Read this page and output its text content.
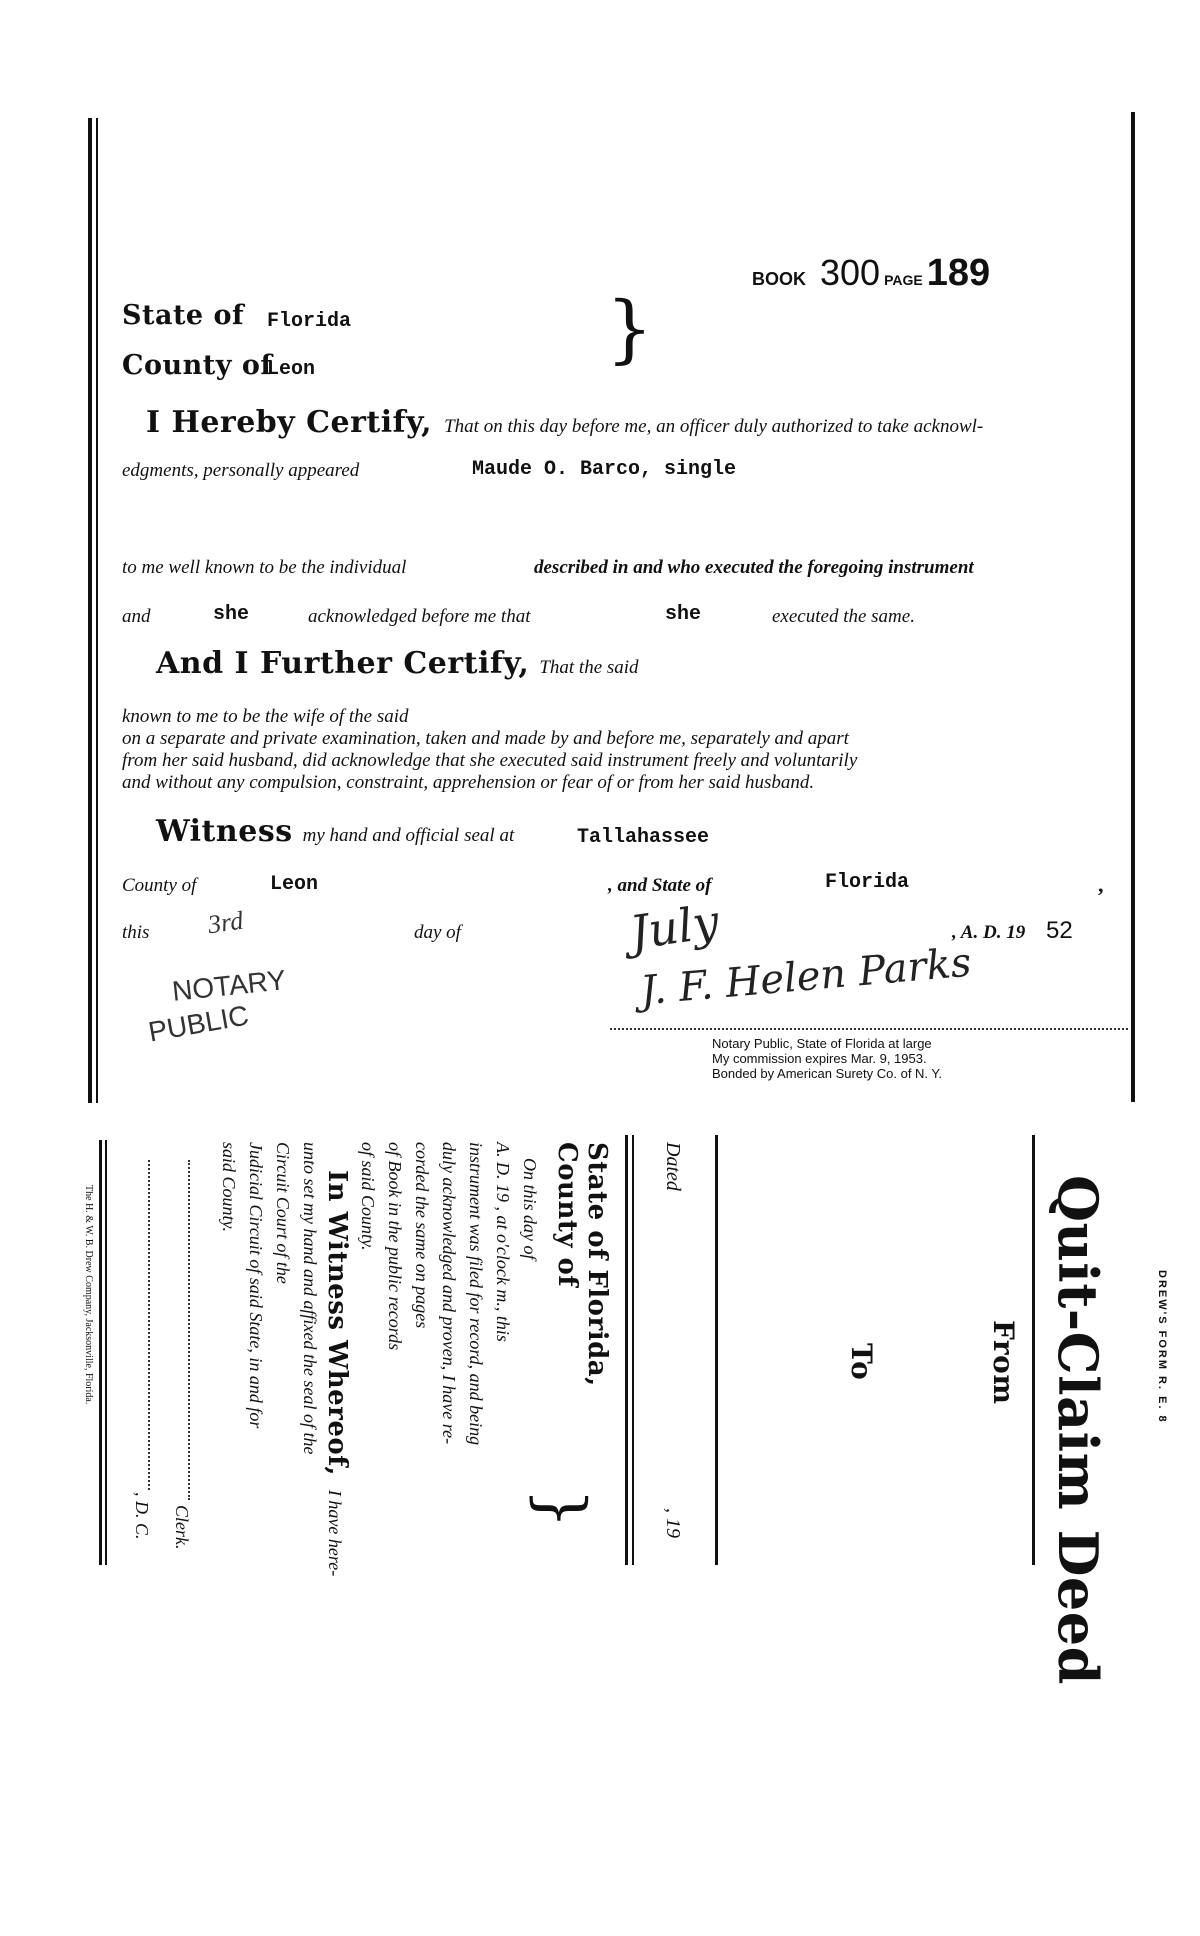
BOOK 300 PAGE 189
State of Florida
County of
Leon	}
I Hereby Certify, That on this day before me, an officer duly authorized to take acknowl-
edgments, personally appeared	Maude O. Barco, single
to me well known to be the individual	described in and who executed the foregoing instrument
and	she	acknowledged before me that	she	executed the same.
And I Further Certify, That the said
known to me to be the wife of the said
on a separate and private examination, taken and made by and before me, separately and apart
from her said husband, did acknowledge that she executed said instrument freely and voluntarily
and without any compulsion, constraint, apprehension or fear of or from her said husband.
Witness my hand and official seal at	Tallahassee
County of	Leon	, and State of	Florida	,
this 3rd	day of	July	, A. D. 19 52
J. F. Helen Parks
NOTARY
PUBLIC	Notary Public, State of Florida at large
My commission expires Mar. 9, 1953.
Bonded by American Surety Co. of N. Y.
DREW'S FORM R. E. 8
Quit-Claim Deed
From
To
Dated
, 19
State of Florida,
County of
}
On this day of
A. D. 19 , at o'clock m., this
instrument was filed for record, and being
duly acknowledged and proven, I have re-
corded the same on pages
of Book in the public records
of said County.
In Witness Whereof, I have here-
unto set my hand and affixed the seal of the
Circuit Court of the
Judicial Circuit of said State, in and for
said County.
Clerk.
, D. C.
The H. & W. B. Drew Company, Jacksonville, Florida.
